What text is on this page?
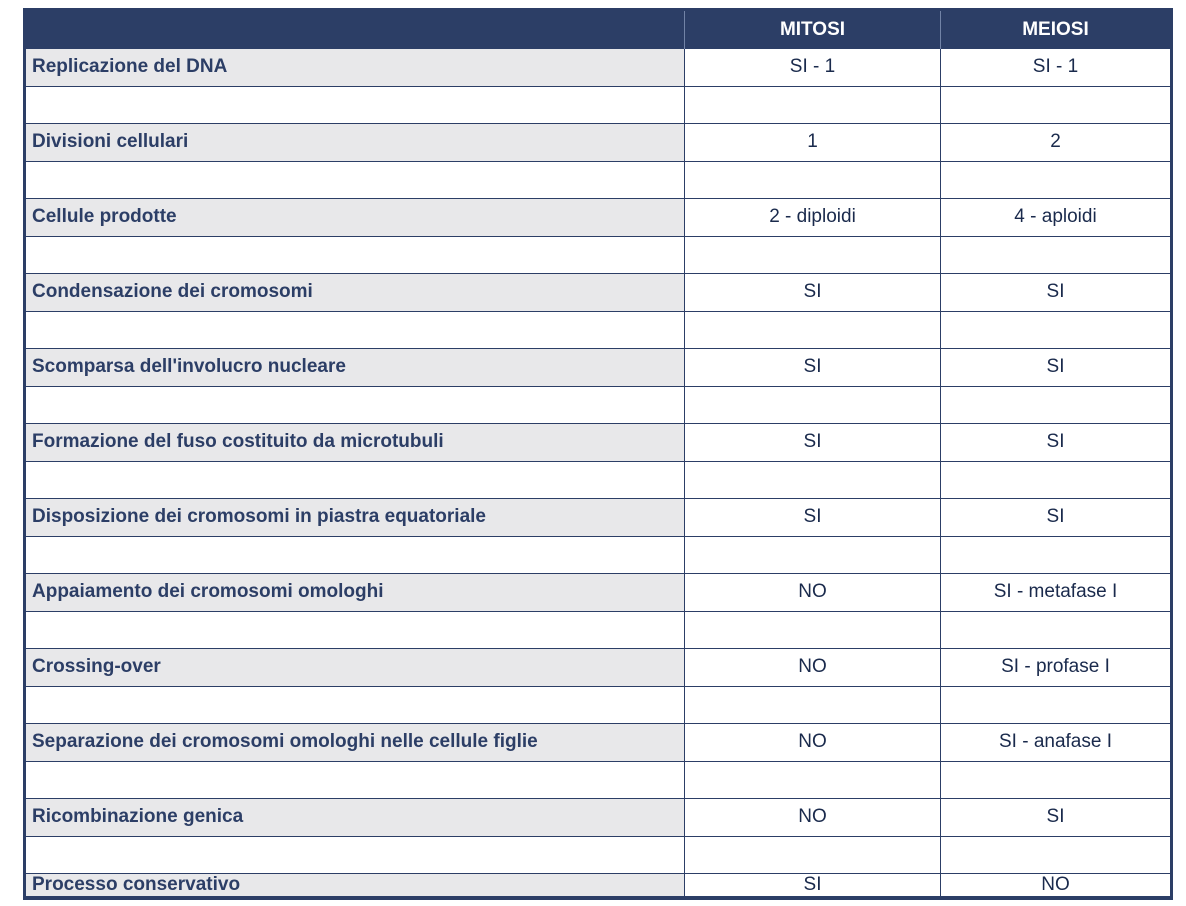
MITOSI	MEIOSI
Replicazione del DNA	SI - 1	SI - 1
Divisioni cellulari	1	2
Cellule prodotte	2 - diploidi	4 - aploidi
Condensazione dei cromosomi	SI	SI
Scomparsa dell'involucro nucleare	SI	SI
Formazione del fuso costituito da microtubuli	SI	SI
Disposizione dei cromosomi in piastra equatoriale	SI	SI
Appaiamento dei cromosomi omologhi	NO	SI - metafase I
Crossing-over	NO	SI - profase I
Separazione dei cromosomi omologhi nelle cellule figlie	NO	SI - anafase I
Ricombinazione genica	NO	SI
Processo conservativo	SI	NO
